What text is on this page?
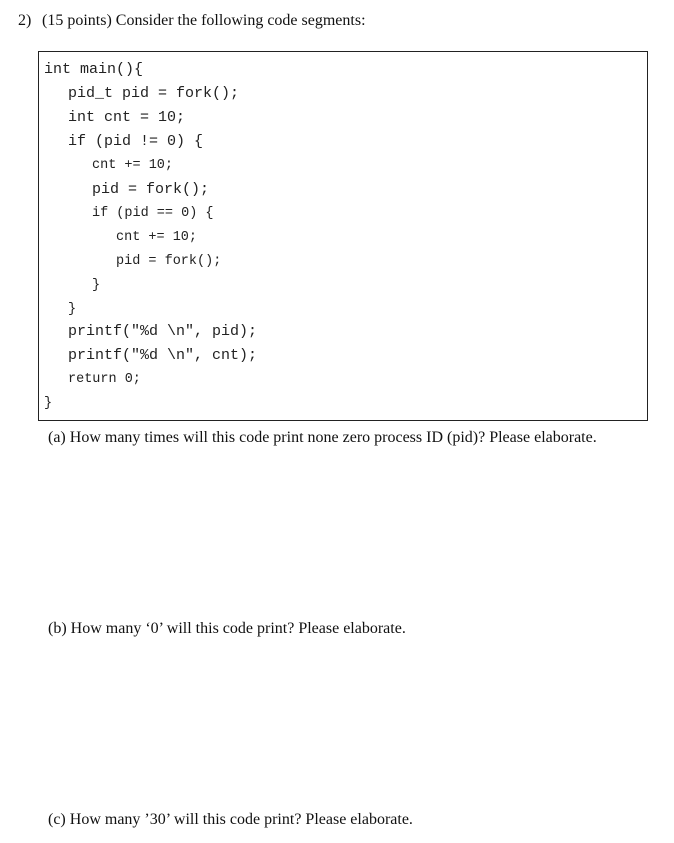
2) (15 points) Consider the following code segments:
int main(){
pid_t pid = fork();
int cnt = 10;
if (pid != 0) {
cnt += 10;
pid = fork();
if (pid == 0) {
cnt += 10;
pid = fork();
}
}
printf("%d \n", pid);
printf("%d \n", cnt);
return 0;
}
(a) How many times will this code print none zero process ID (pid)? Please elaborate.
(b) How many ‘0’ will this code print? Please elaborate.
(c) How many ’30’ will this code print? Please elaborate.
